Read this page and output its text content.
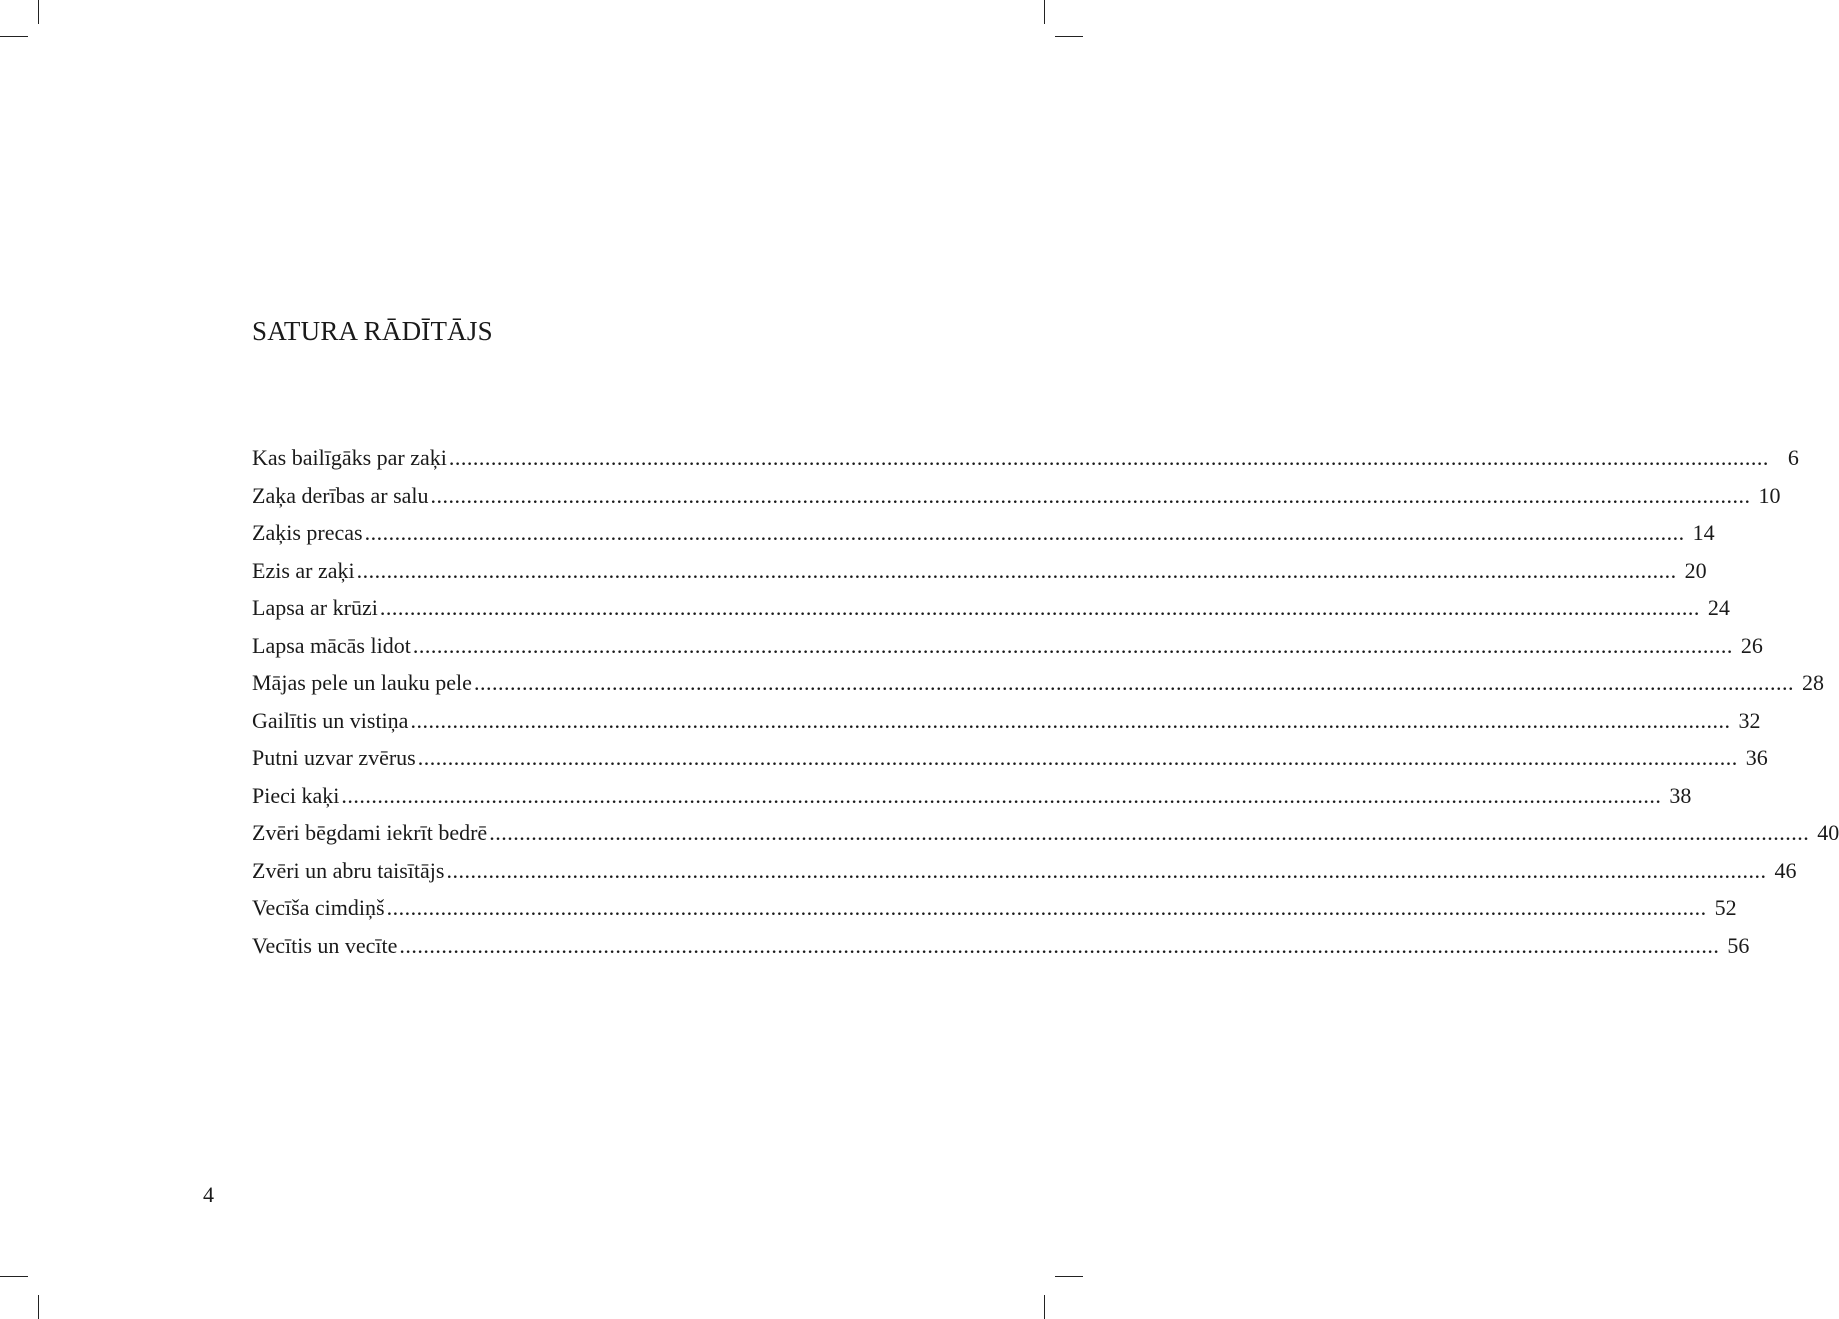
SATURA RĀDĪTĀJS
Kas bailīgāks par zaķi ............................................................................................................................................................................................................................ 6
Zaķa derības ar salu ............................................................................................................................................................................................................................ 10
Zaķis precas ............................................................................................................................................................................................................................ 14
Ezis ar zaķi ............................................................................................................................................................................................................................ 20
Lapsa ar krūzi ............................................................................................................................................................................................................................ 24
Lapsa mācās lidot ............................................................................................................................................................................................................................ 26
Mājas pele un lauku pele ............................................................................................................................................................................................................................ 28
Gailītis un vistiņa ............................................................................................................................................................................................................................ 32
Putni uzvar zvērus ............................................................................................................................................................................................................................ 36
Pieci kaķi ............................................................................................................................................................................................................................ 38
Zvēri bēgdami iekrīt bedrē ............................................................................................................................................................................................................................ 40
Zvēri un abru taisītājs ............................................................................................................................................................................................................................ 46
Vecīša cimdiņš ............................................................................................................................................................................................................................ 52
Vecītis un vecīte ............................................................................................................................................................................................................................ 56
4
